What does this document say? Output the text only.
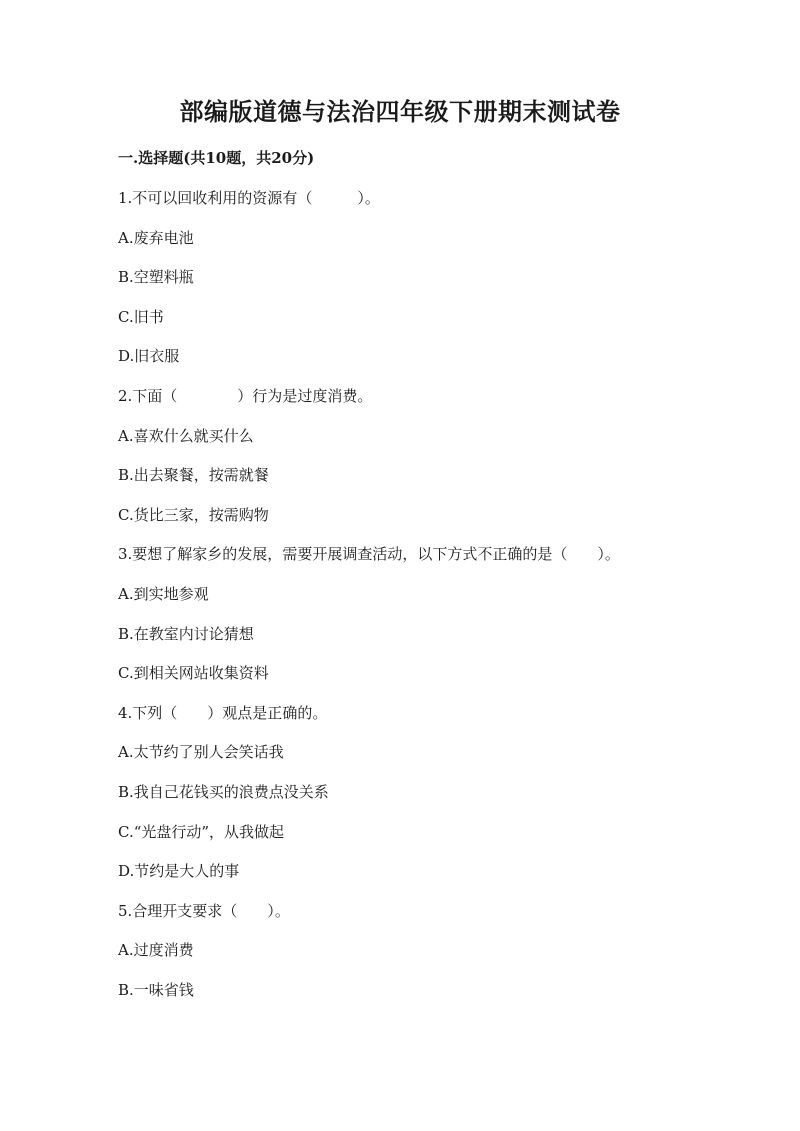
部编版道德与法治四年级下册期末测试卷
一.选择题(共10题，共20分)
1.不可以回收利用的资源有（　　　）。
A.废弃电池
B.空塑料瓶
C.旧书
D.旧衣服
2.下面（　　　　）行为是过度消费。
A.喜欢什么就买什么
B.出去聚餐，按需就餐
C.货比三家，按需购物
3.要想了解家乡的发展，需要开展调查活动，以下方式不正确的是（　　）。
A.到实地参观
B.在教室内讨论猜想
C.到相关网站收集资料
4.下列（　　）观点是正确的。
A.太节约了别人会笑话我
B.我自己花钱买的浪费点没关系
C.“光盘行动”，从我做起
D.节约是大人的事
5.合理开支要求（　　）。
A.过度消费
B.一味省钱
